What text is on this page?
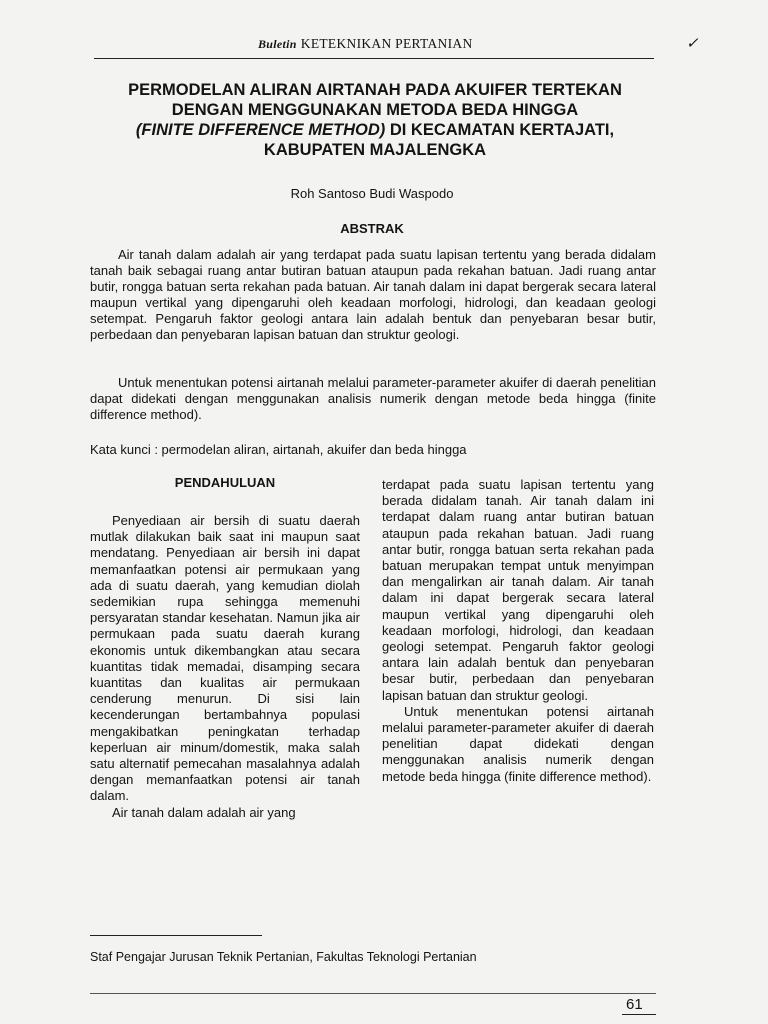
Buletin KETEKNIKAN PERTANIAN	✓
PERMODELAN ALIRAN AIRTANAH PADA AKUIFER TERTEKAN
DENGAN MENGGUNAKAN METODA BEDA HINGGA
(FINITE DIFFERENCE METHOD) DI KECAMATAN KERTAJATI,
KABUPATEN MAJALENGKA
Roh Santoso Budi Waspodo
ABSTRAK

Air tanah dalam adalah air yang terdapat pada suatu lapisan tertentu yang berada didalam tanah baik sebagai ruang antar butiran batuan ataupun pada rekahan batuan. Jadi ruang antar butir, rongga batuan serta rekahan pada batuan. Air tanah dalam ini dapat bergerak secara lateral maupun vertikal yang dipengaruhi oleh keadaan morfologi, hidrologi, dan keadaan geologi setempat. Pengaruh faktor geologi antara lain adalah bentuk dan penyebaran besar butir, perbedaan dan penyebaran lapisan batuan dan struktur geologi.

Untuk menentukan potensi airtanah melalui parameter-parameter akuifer di daerah penelitian dapat didekati dengan menggunakan analisis numerik dengan metode beda hingga (finite difference method).

Kata kunci : permodelan aliran, airtanah, akuifer dan beda hingga
PENDAHULUAN

Penyediaan air bersih di suatu daerah mutlak dilakukan baik saat ini maupun saat mendatang. Penyediaan air bersih ini dapat memanfaatkan potensi air permukaan yang ada di suatu daerah, yang kemudian diolah sedemikian rupa sehingga memenuhi persyaratan standar kesehatan. Namun jika air permukaan pada suatu daerah kurang ekonomis untuk dikembangkan atau secara kuantitas tidak memadai, disamping secara kuantitas dan kualitas air permukaan cenderung menurun. Di sisi lain kecenderungan bertambahnya populasi mengakibatkan peningkatan terhadap keperluan air minum/domestik, maka salah satu alternatif pemecahan masalahnya adalah dengan memanfaatkan potensi air tanah dalam.

Air tanah dalam adalah air yang

terdapat pada suatu lapisan tertentu yang berada didalam tanah. Air tanah dalam ini terdapat dalam ruang antar butiran batuan ataupun pada rekahan batuan. Jadi ruang antar butir, rongga batuan serta rekahan pada batuan merupakan tempat untuk menyimpan dan mengalirkan air tanah dalam. Air tanah dalam ini dapat bergerak secara lateral maupun vertikal yang dipengaruhi oleh keadaan morfologi, hidrologi, dan keadaan geologi setempat. Pengaruh faktor geologi antara lain adalah bentuk dan penyebaran besar butir, perbedaan dan penyebaran lapisan batuan dan struktur geologi.

Untuk menentukan potensi airtanah melalui parameter-parameter akuifer di daerah penelitian dapat didekati dengan menggunakan analisis numerik dengan metode beda hingga (finite difference method).

Staf Pengajar Jurusan Teknik Pertanian, Fakultas Teknologi Pertanian
61
